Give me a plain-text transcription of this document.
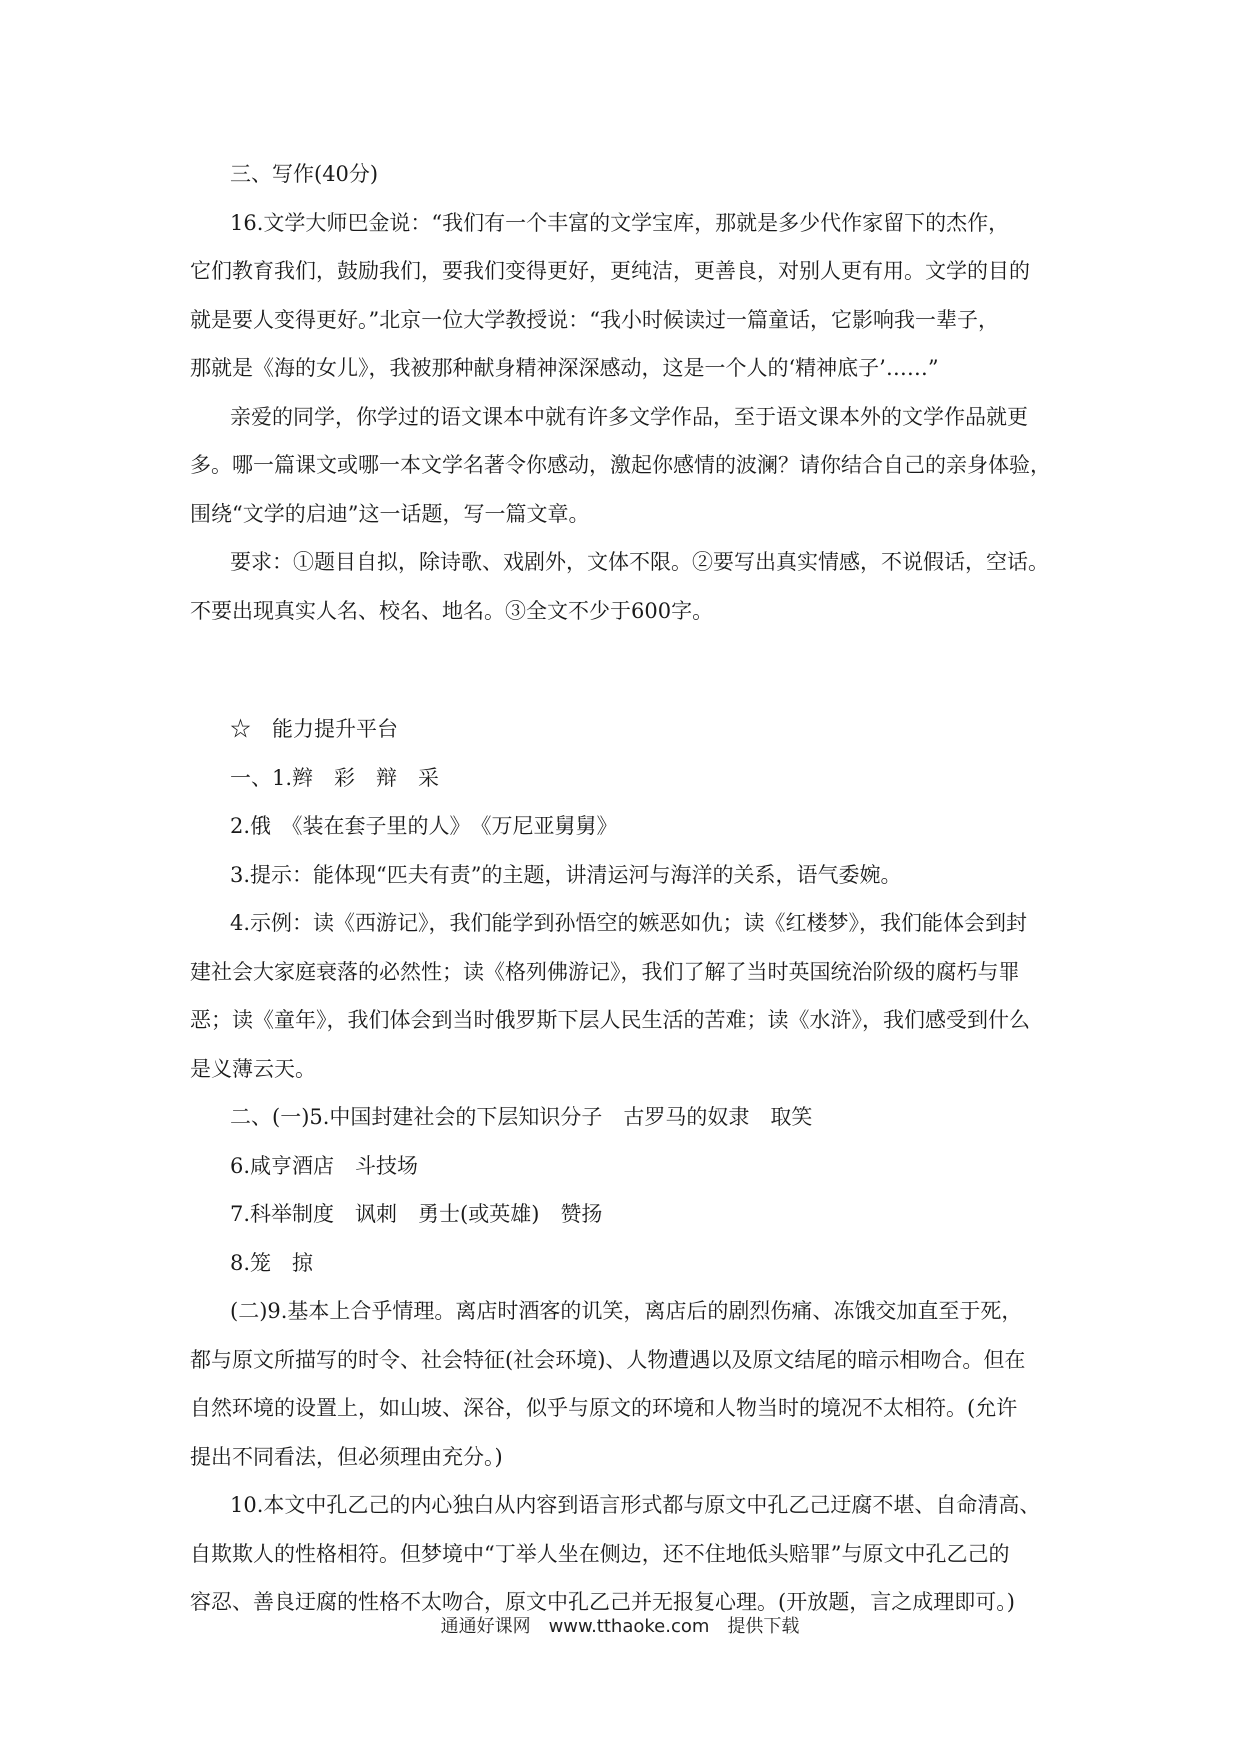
三、写作(40分)

16.文学大师巴金说：“我们有一个丰富的文学宝库，那就是多少代作家留下的杰作，

它们教育我们，鼓励我们，要我们变得更好，更纯洁，更善良，对别人更有用。文学的目的

就是要人变得更好。”北京一位大学教授说：“我小时候读过一篇童话，它影响我一辈子，

那就是《海的女儿》，我被那种献身精神深深感动，这是一个人的‘精神底子’……”

亲爱的同学，你学过的语文课本中就有许多文学作品，至于语文课本外的文学作品就更

多。哪一篇课文或哪一本文学名著令你感动，激起你感情的波澜？请你结合自己的亲身体验，

围绕“文学的启迪”这一话题，写一篇文章。

要求：①题目自拟，除诗歌、戏剧外，文体不限。②要写出真实情感，不说假话，空话。

不要出现真实人名、校名、地名。③全文不少于600字。

☆　能力提升平台

一、1.辫　彩　辩　采

2.俄　《装在套子里的人》　《万尼亚舅舅》

3.提示：能体现“匹夫有责”的主题，讲清运河与海洋的关系，语气委婉。

4.示例：读《西游记》，我们能学到孙悟空的嫉恶如仇；读《红楼梦》，我们能体会到封

建社会大家庭衰落的必然性；读《格列佛游记》，我们了解了当时英国统治阶级的腐朽与罪

恶；读《童年》，我们体会到当时俄罗斯下层人民生活的苦难；读《水浒》，我们感受到什么

是义薄云天。

二、(一)5.中国封建社会的下层知识分子　古罗马的奴隶　取笑

6.咸亨酒店　斗技场

7.科举制度　讽刺　勇士(或英雄)　赞扬

8.笼　掠

(二)9.基本上合乎情理。离店时酒客的讥笑，离店后的剧烈伤痛、冻饿交加直至于死，

都与原文所描写的时令、社会特征(社会环境)、人物遭遇以及原文结尾的暗示相吻合。但在

自然环境的设置上，如山坡、深谷，似乎与原文的环境和人物当时的境况不太相符。(允许

提出不同看法，但必须理由充分。)

10.本文中孔乙己的内心独白从内容到语言形式都与原文中孔乙己迂腐不堪、自命清高、

自欺欺人的性格相符。但梦境中“丁举人坐在侧边，还不住地低头赔罪”与原文中孔乙己的

容忍、善良迂腐的性格不太吻合，原文中孔乙己并无报复心理。(开放题，言之成理即可。)

通通好课网　www.tthaoke.com　提供下载
